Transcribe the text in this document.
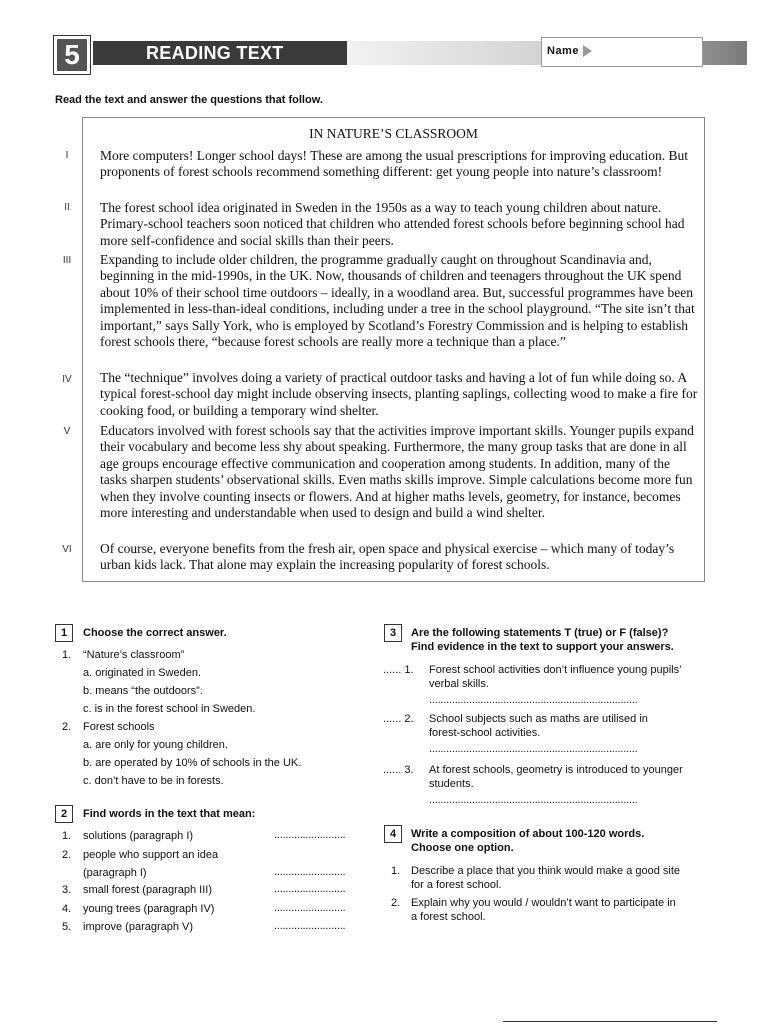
5	READING TEXT	Name
Read the text and answer the questions that follow.
IN NATURE’S CLASSROOM
More computers! Longer school days! These are among the usual prescriptions for improving education. But proponents of forest schools recommend something different: get young people into nature’s classroom!
The forest school idea originated in Sweden in the 1950s as a way to teach young children about nature. Primary-school teachers soon noticed that children who attended forest schools before beginning school had more self-confidence and social skills than their peers.
Expanding to include older children, the programme gradually caught on throughout Scandinavia and, beginning in the mid-1990s, in the UK. Now, thousands of children and teenagers throughout the UK spend about 10% of their school time outdoors – ideally, in a woodland area. But, successful programmes have been implemented in less-than-ideal conditions, including under a tree in the school playground. “The site isn’t that important,” says Sally York, who is employed by Scotland’s Forestry Commission and is helping to establish forest schools there, “because forest schools are really more a technique than a place.”
The “technique” involves doing a variety of practical outdoor tasks and having a lot of fun while doing so. A typical forest-school day might include observing insects, planting saplings, collecting wood to make a fire for cooking food, or building a temporary wind shelter.
Educators involved with forest schools say that the activities improve important skills. Younger pupils expand their vocabulary and become less shy about speaking. Furthermore, the many group tasks that are done in all age groups encourage effective communication and cooperation among students. In addition, many of the tasks sharpen students’ observational skills. Even maths skills improve. Simple calculations become more fun when they involve counting insects or flowers. And at higher maths levels, geometry, for instance, becomes more interesting and understandable when used to design and build a wind shelter.
Of course, everyone benefits from the fresh air, open space and physical exercise – which many of today’s urban kids lack. That alone may explain the increasing popularity of forest schools.
I
II
III
IV
V
VI
1	Choose the correct answer.
1. “Nature’s classroom”
a. originated in Sweden.
b. means “the outdoors”.
c. is in the forest school in Sweden.
2. Forest schools
a. are only for young children.
b. are operated by 10% of schools in the UK.
c. don’t have to be in forests.
2	Find words in the text that mean:
1. solutions (paragraph I)	.........................
2. people who support an idea
(paragraph I)	.........................
3. small forest (paragraph III)	.........................
4. young trees (paragraph IV)	.........................
5. improve (paragraph V)	.........................
3	Are the following statements T (true) or F (false)?
Find evidence in the text to support your answers.
...... 1. Forest school activities don’t influence young pupils’
verbal skills.
.........................................................................
...... 2. School subjects such as maths are utilised in
forest-school activities.
.........................................................................
...... 3. At forest schools, geometry is introduced to younger
students.
.........................................................................
4	Write a composition of about 100-120 words.
Choose one option.
1. Describe a place that you think would make a good site
for a forest school.
2. Explain why you would / wouldn’t want to participate in
a forest school.
